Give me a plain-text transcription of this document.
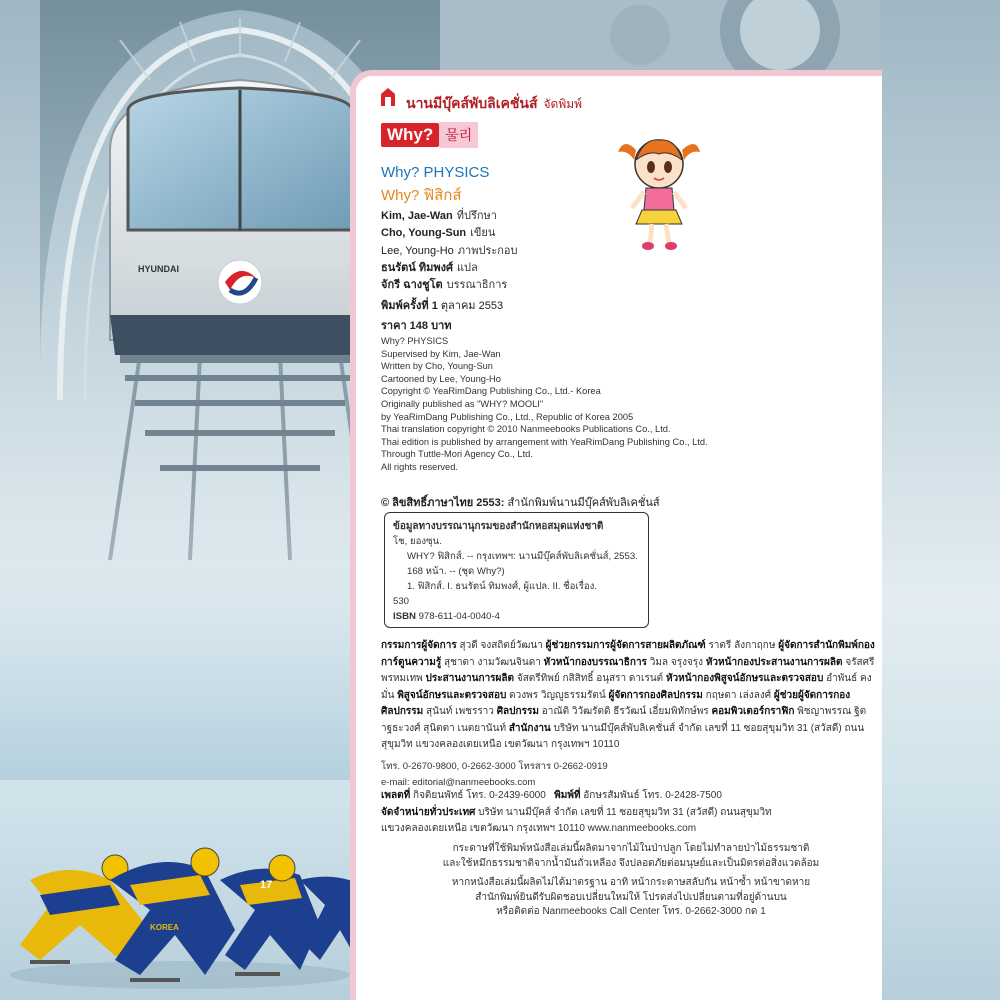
HYUNDAI
17
KOREA
นานมีบุ๊คส์พับลิเคชั่นส์ จัดพิมพ์
Why? 물리
Why? PHYSICS
Why? ฟิสิกส์
Kim, Jae-Wan ที่ปรึกษา
Cho, Young-Sun เขียน
Lee, Young-Ho ภาพประกอบ
ธนรัตน์ ทิมพงศ์ แปล
จักรี ฉางชูโต บรรณาธิการ
พิมพ์ครั้งที่ 1 ตุลาคม 2553
ราคา 148 บาท
Why? PHYSICS
Supervised by Kim, Jae-Wan
Written by Cho, Young-Sun
Cartooned by Lee, Young-Ho
Copyright © YeaRimDang Publishing Co., Ltd.- Korea
Originally published as "WHY? MOOLI"
by YeaRimDang Publishing Co., Ltd., Republic of Korea 2005
Thai translation copyright © 2010 Nanmeebooks Publications Co., Ltd.
Thai edition is published by arrangement with YeaRimDang Publishing Co., Ltd.
Through Tuttle-Mori Agency Co., Ltd.
All rights reserved.
© ลิขสิทธิ์ภาษาไทย 2553: สำนักพิมพ์นานมีบุ๊คส์พับลิเคชั่นส์
ข้อมูลทางบรรณานุกรมของสำนักหอสมุดแห่งชาติ
โช, ยองซุน.
WHY? ฟิสิกส์. -- กรุงเทพฯ: นานมีบุ๊คส์พับลิเคชั่นส์, 2553.
168 หน้า. -- (ชุด Why?)
1. ฟิสิกส์. I. ธนรัตน์ ทิมพงศ์, ผู้แปล. II. ชื่อเรื่อง.
530
ISBN 978-611-04-0040-4
กรรมการผู้จัดการ สุวดี จงสถิตย์วัฒนา ผู้ช่วยกรรมการผู้จัดการสายผลิตภัณฑ์ ราตรี ลังกาฤกษ ผู้จัดการสำนักพิมพ์กองการ์ตูนความรู้ สุชาดา งามวัฒนจินดา หัวหน้ากองบรรณาธิการ วิมล จรุงจรุง หัวหน้ากองประสานงานการผลิต จรัสศรี พรหมเทพ ประสานงานการผลิต จัสตรีทิพย์ กสิสิทธิ์ อนุสรา ดาเรนต์ หัวหน้ากองพิสูจน์อักษรและตรวจสอบ อำพันธ์ คงมั่น พิสูจน์อักษรและตรวจสอบ ดวงพร วิญญูธรรมรัตน์ ผู้จัดการกองศิลปกรรม กฤษดา เล่งลงศ์ ผู้ช่วยผู้จัดการกองศิลปกรรม สุนันท์ เพชรราว ศิลปกรรม อาณัติ วิวัฒรัตดิ ธีรวัฒน์ เอี่ยมพิทักษ์พร คอมพิวเตอร์กราฟิก พิชญาพรรณ ฐิตาฐธะวงศ์ สุนิตตา เนตยานันท์ สำนักงาน บริษัท นานมีบุ๊คส์พับลิเคชั่นส์ จำกัด เลขที่ 11 ซอยสุขุมวิท 31 (สวัสดี) ถนนสุขุมวิท แขวงคลองเตยเหนือ เขตวัฒนา กรุงเทพฯ 10110
โทร. 0-2670-9800, 0-2662-3000 โทรสาร 0-2662-0919
e-mail: editorial@nanmeebooks.com
เพลตที่ กิจติยนพัทธ์ โทร. 0-2439-6000 พิมพ์ที่ อักษรสัมพันธ์ โทร. 0-2428-7500
จัดจำหน่ายทั่วประเทศ บริษัท นานมีบุ๊คส์ จำกัด เลขที่ 11 ซอยสุขุมวิท 31 (สวัสดี) ถนนสุขุมวิท
แขวงคลองเตยเหนือ เขตวัฒนา กรุงเทพฯ 10110 www.nanmeebooks.com
กระดาษที่ใช้พิมพ์หนังสือเล่มนี้ผลิตมาจากไม้ในป่าปลูก โดยไม่ทำลายป่าไม้ธรรมชาติ
และใช้หมึกธรรมชาติจากน้ำมันถั่วเหลือง จึงปลอดภัยต่อมนุษย์และเป็นมิตรต่อสิ่งแวดล้อม
หากหนังสือเล่มนี้ผลิตไม่ได้มาตรฐาน อาทิ หน้ากระดาษสลับกัน หน้าซ้ำ หน้าขาดหาย
สำนักพิมพ์ยินดีรับผิดชอบเปลี่ยนใหม่ให้ โปรดส่งไปเปลี่ยนตามที่อยู่ด้านบน
หรือติดต่อ Nanmeebooks Call Center โทร. 0-2662-3000 กด 1
